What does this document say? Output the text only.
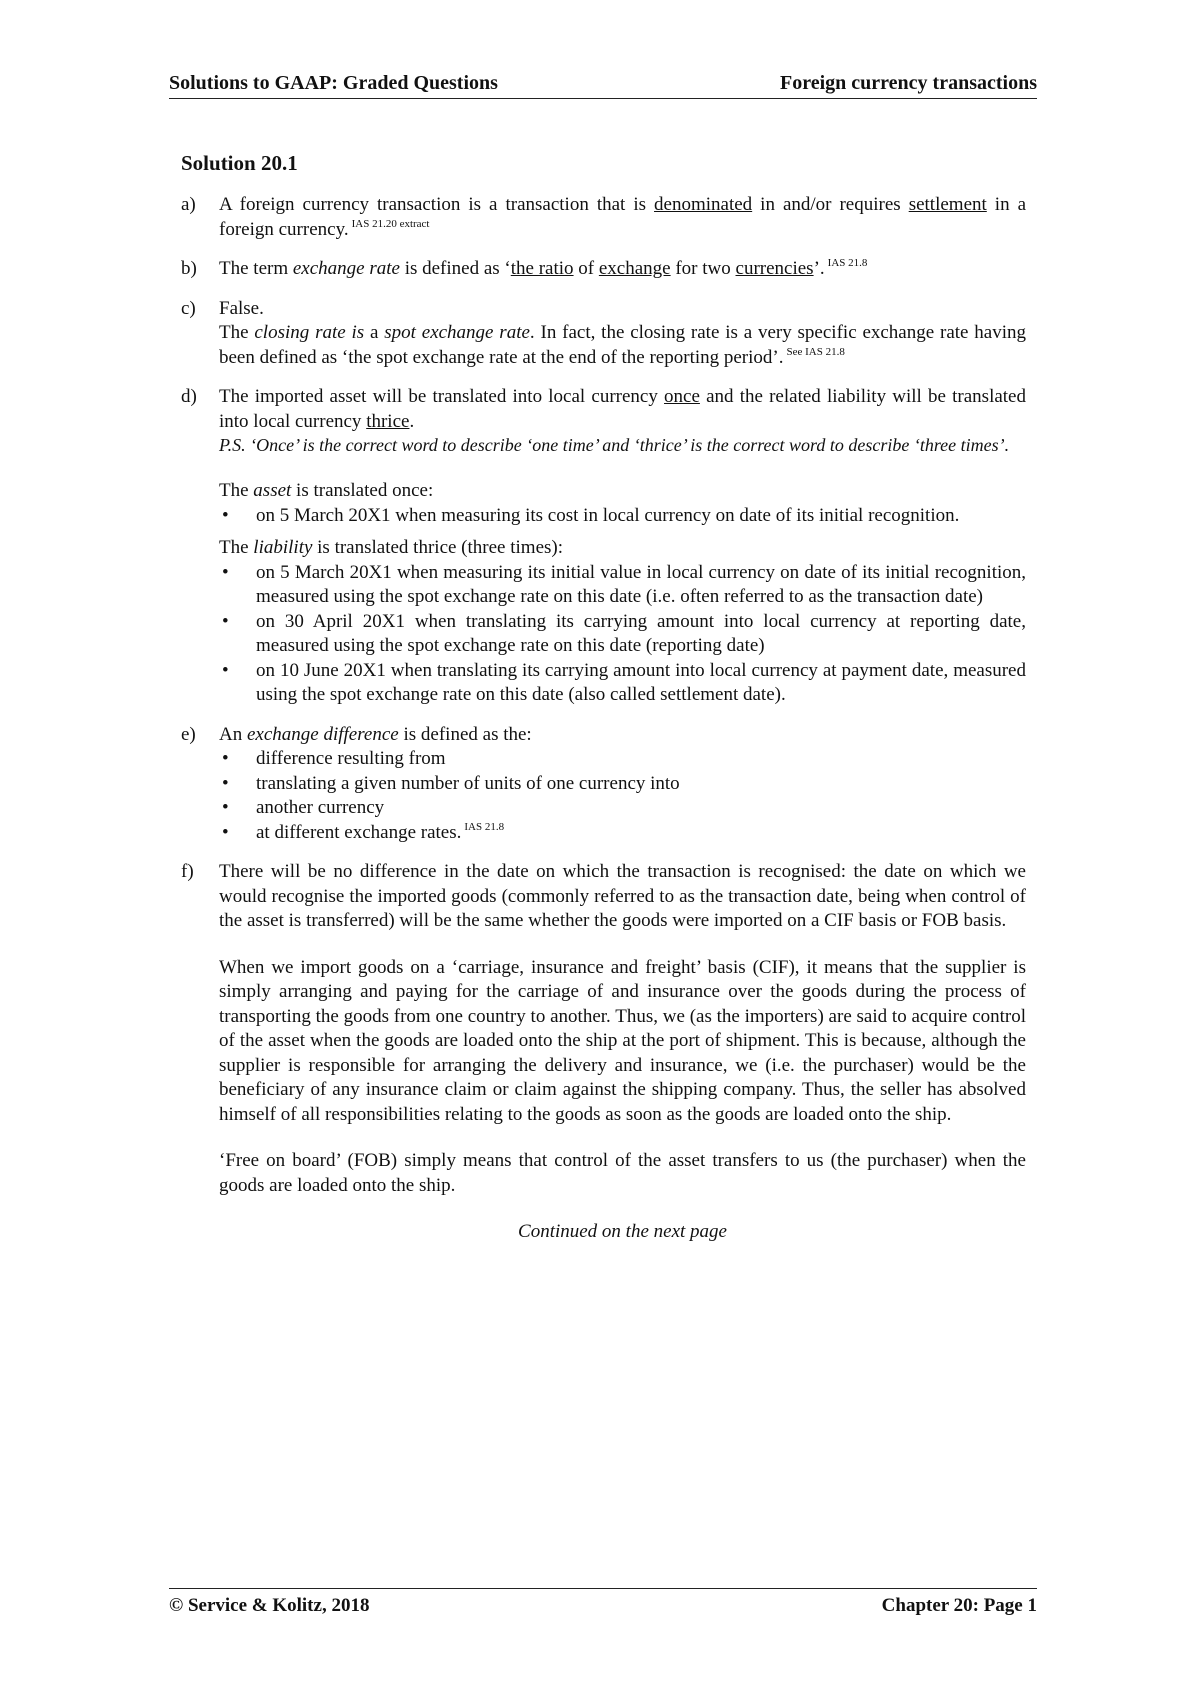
Solutions to GAAP: Graded Questions	Foreign currency transactions
Solution 20.1
a)	A foreign currency transaction is a transaction that is denominated in and/or requires settlement in a foreign currency. $^{IAS 21.20 extract}$

b)	The term exchange rate is defined as ‘the ratio of exchange for two currencies’. $^{IAS 21.8}$

c)	False.

The closing rate is a spot exchange rate. In fact, the closing rate is a very specific exchange rate having been defined as ‘the spot exchange rate at the end of the reporting period’. $^{See IAS 21.8}$

d)	The imported asset will be translated into local currency once and the related liability will be translated into local currency thrice.

P.S. ‘Once’ is the correct word to describe ‘one time’ and ‘thrice’ is the correct word to describe ‘three times’.

The asset is translated once:

•	on 5 March 20X1 when measuring its cost in local currency on date of its initial recognition.

The liability is translated thrice (three times):

•	on 5 March 20X1 when measuring its initial value in local currency on date of its initial recognition, measured using the spot exchange rate on this date (i.e. often referred to as the transaction date)
•	on 30 April 20X1 when translating its carrying amount into local currency at reporting date, measured using the spot exchange rate on this date (reporting date)
•	on 10 June 20X1 when translating its carrying amount into local currency at payment date, measured using the spot exchange rate on this date (also called settlement date).
e)	An exchange difference is defined as the:

•	difference resulting from
•	translating a given number of units of one currency into
•	another currency
•	at different exchange rates. $^{IAS 21.8}$
f)	There will be no difference in the date on which the transaction is recognised: the date on which we would recognise the imported goods (commonly referred to as the transaction date, being when control of the asset is transferred) will be the same whether the goods were imported on a CIF basis or FOB basis.

When we import goods on a ‘carriage, insurance and freight’ basis (CIF), it means that the supplier is simply arranging and paying for the carriage of and insurance over the goods during the process of transporting the goods from one country to another. Thus, we (as the importers) are said to acquire control of the asset when the goods are loaded onto the ship at the port of shipment. This is because, although the supplier is responsible for arranging the delivery and insurance, we (i.e. the purchaser) would be the beneficiary of any insurance claim or claim against the shipping company. Thus, the seller has absolved himself of all responsibilities relating to the goods as soon as the goods are loaded onto the ship.

‘Free on board’ (FOB) simply means that control of the asset transfers to us (the purchaser) when the goods are loaded onto the ship.

Continued on the next page
© Service & Kolitz, 2018	Chapter 20: Page 1
